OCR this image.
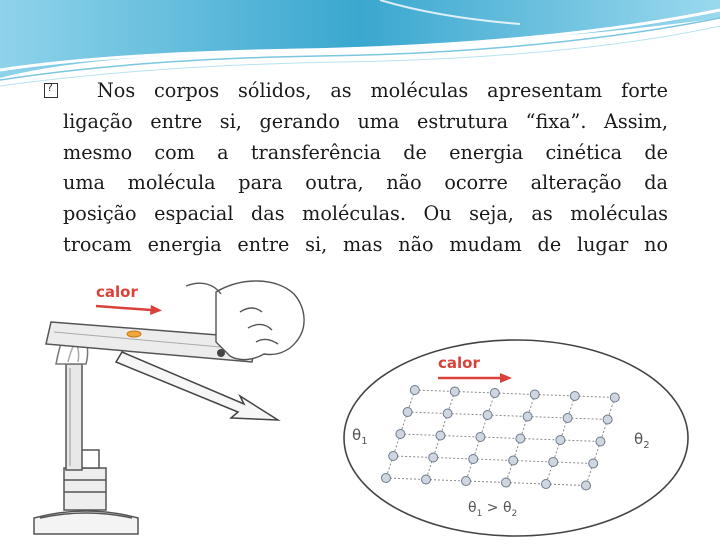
?
Nos corpos sólidos, as moléculas apresentam forte
ligação entre si, gerando uma estrutura “fixa”. Assim,
mesmo com a transferência de energia cinética de
uma molécula para outra, não ocorre alteração da
posição espacial das moléculas. Ou seja, as moléculas
trocam energia entre si, mas não mudam de lugar no
calor
calor
$\theta_1$	$\theta_2$
$\theta_1 > \theta_2$
